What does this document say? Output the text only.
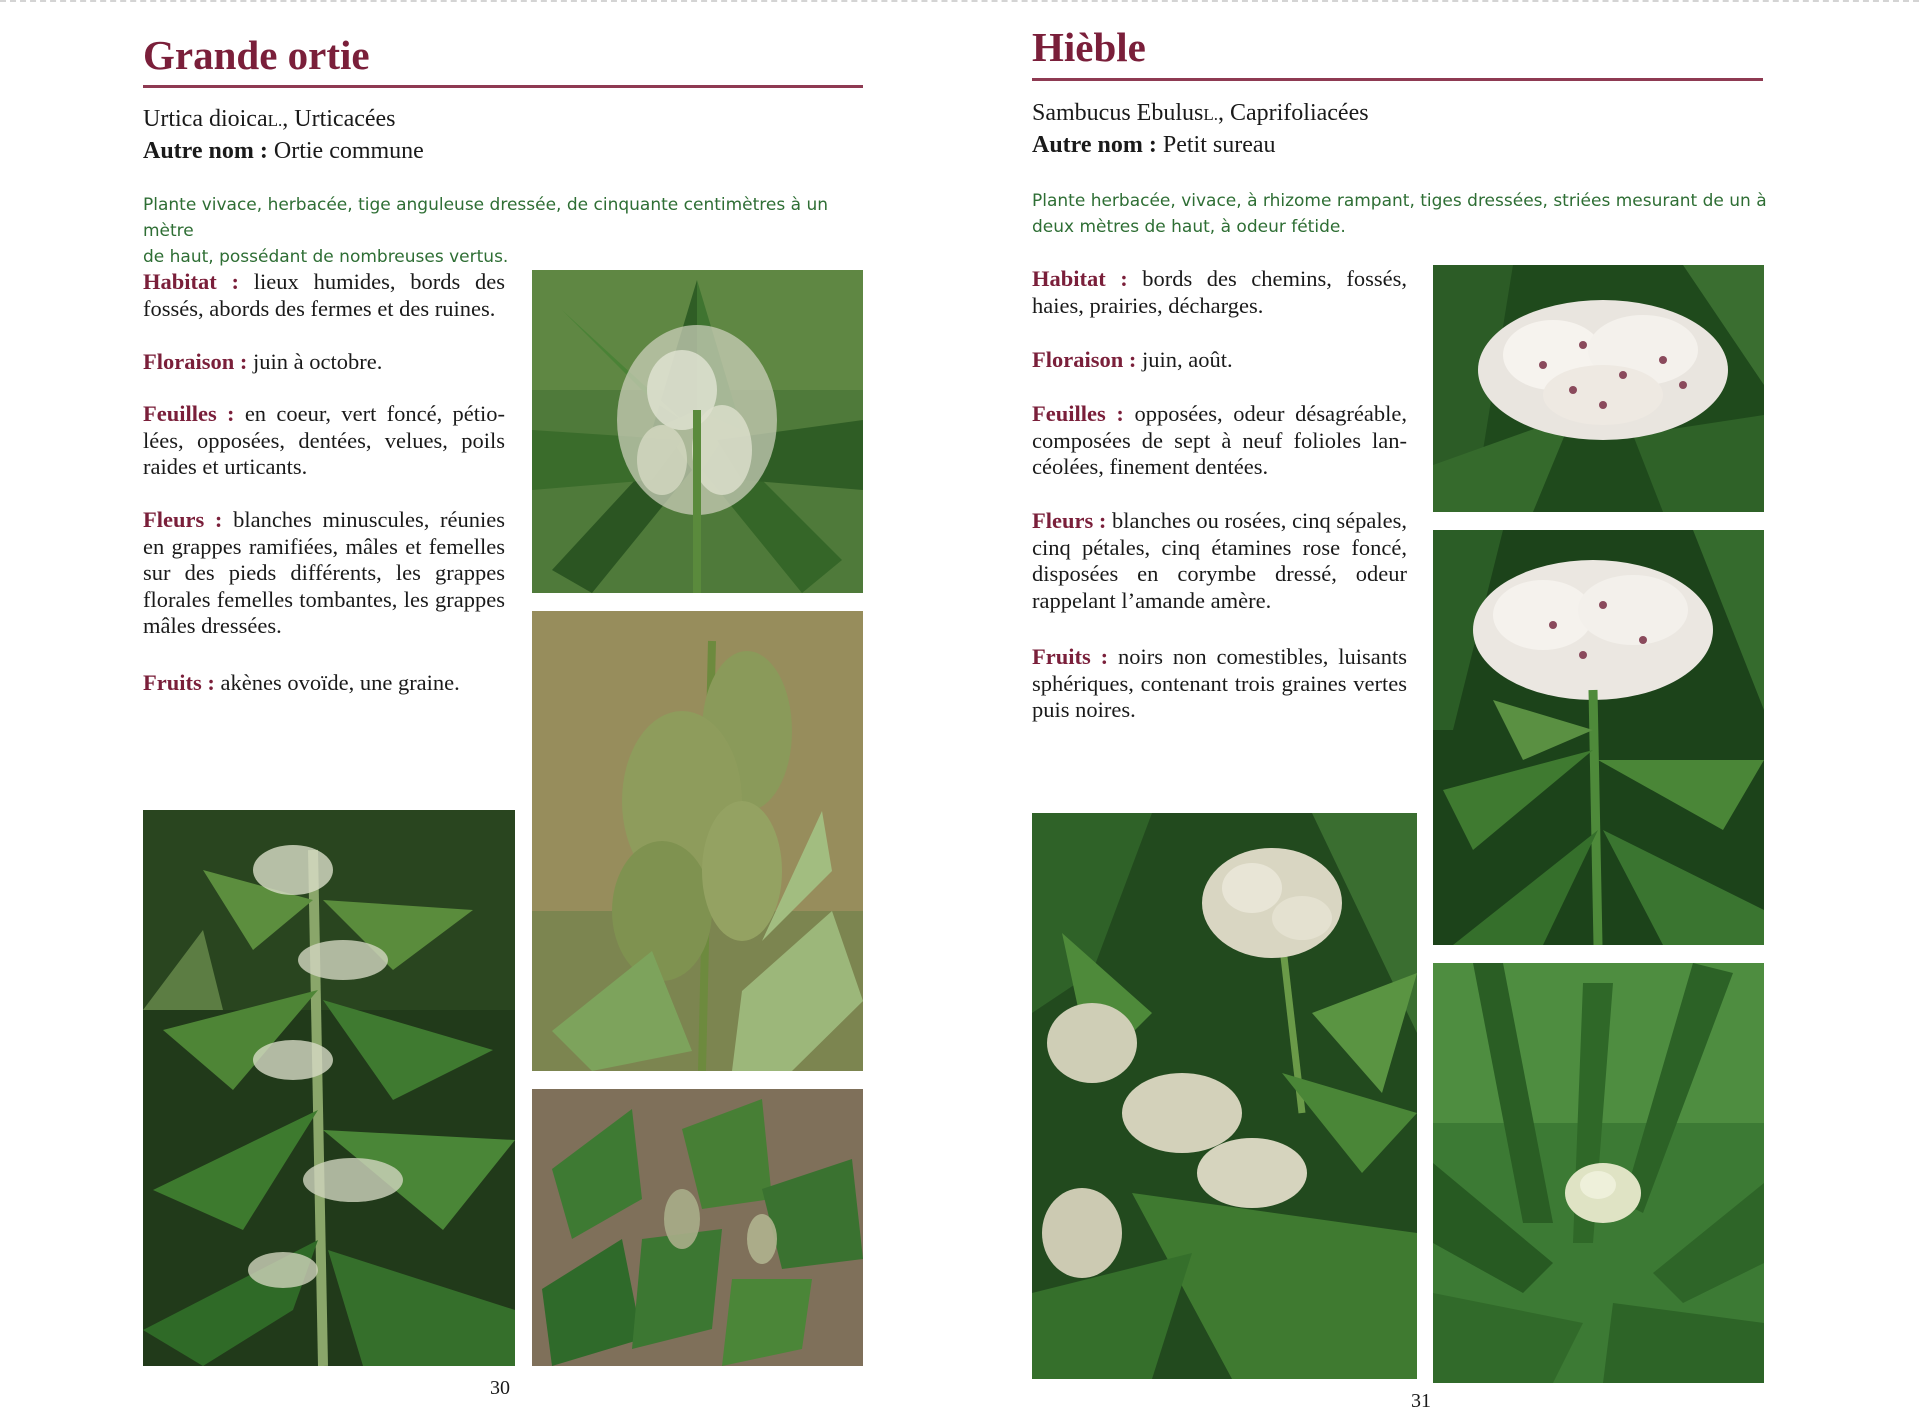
Grande ortie

Urtica dioicaL., Urticacées

Autre nom : Ortie commune

Plante vivace, herbacée, tige anguleuse dressée, de cinquante centimètres à un mètre
de haut, possédant de nombreuses vertus.

Habitat : lieux humides, bords des fossés, abords des fermes et des ruines.

Floraison : juin à octobre.

Feuilles : en coeur, vert foncé, pétiolées, opposées, dentées, velues, poils raides et urticants.

Fleurs : blanches minuscules, réunies en grappes ramifiées, mâles et femelles sur des pieds différents, les grappes florales femelles tombantes, les grappes mâles dressées.

Fruits : akènes ovoïde, une graine.

30

Hièble

Sambucus EbulusL., Caprifoliacées

Autre nom : Petit sureau

Plante herbacée, vivace, à rhizome rampant, tiges dressées, striées mesurant de un à
deux mètres de haut, à odeur fétide.

Habitat : bords des chemins, fossés, haies, prairies, décharges.

Floraison : juin, août.

Feuilles : opposées, odeur désagréable, composées de sept à neuf folioles lancéolées, finement dentées.

Fleurs : blanches ou rosées, cinq sépales, cinq pétales, cinq étamines rose foncé, disposées en corymbe dressé, odeur rappelant l’amande amère.

Fruits : noirs non comestibles, luisants sphériques, contenant trois graines vertes puis noires.

31
